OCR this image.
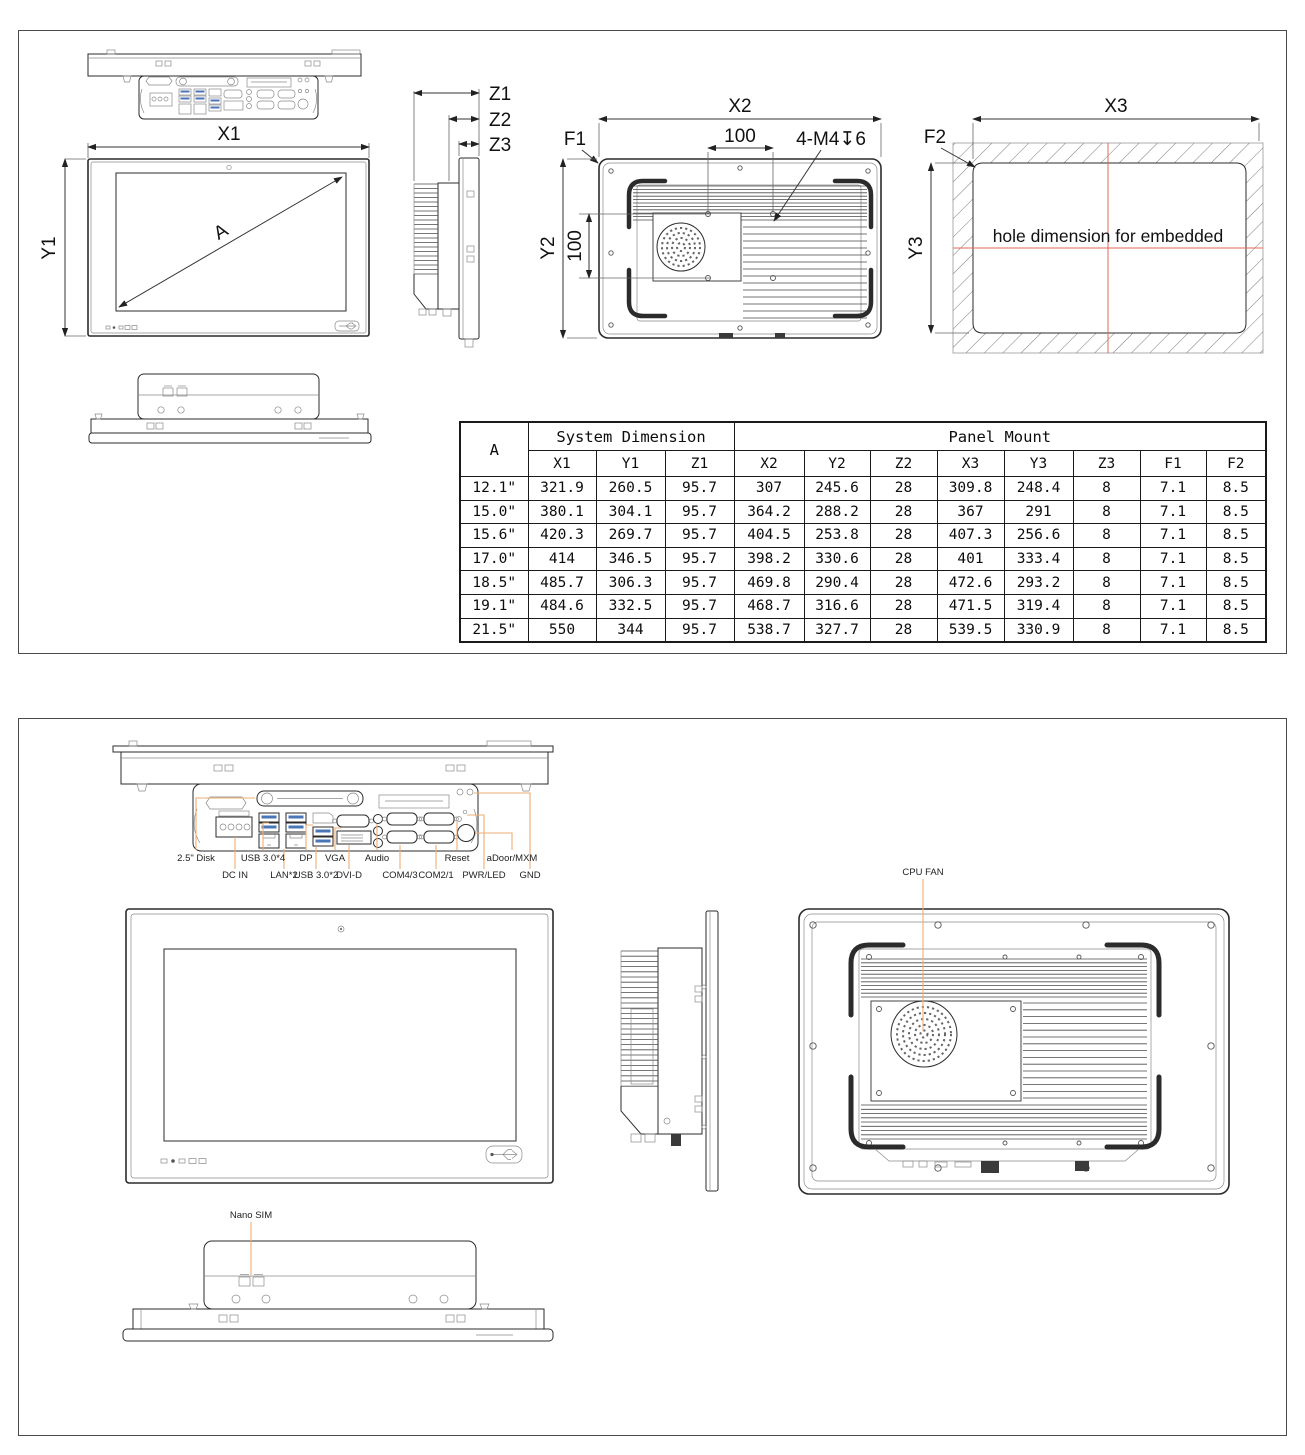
A
X1
Y1
Z1
Z2
Z3
X2
100 4-M4↧6
F1
Y2 100	hole dimension for embedded
X3
Y3
F2
A	System Dimension			Panel Mount							
	X1	Y1	Z1	X2	Y2	Z2	X3	Y3	Z3	F1	F2
12.1"	321.9	260.5	95.7	307	245.6	28	309.8	248.4	8	7.1	8.5
15.0"	380.1	304.1	95.7	364.2	288.2	28	367	291	8	7.1	8.5
15.6"	420.3	269.7	95.7	404.5	253.8	28	407.3	256.6	8	7.1	8.5
17.0"	414	346.5	95.7	398.2	330.6	28	401	333.4	8	7.1	8.5
18.5"	485.7	306.3	95.7	469.8	290.4	28	472.6	293.2	8	7.1	8.5
19.1"	484.6	332.5	95.7	468.7	316.6	28	471.5	319.4	8	7.1	8.5
21.5"	550	344	95.7	538.7	327.7	28	539.5	330.9	8	7.1	8.5
2.5" Disk	USB 3.0*4 DP VGA Audio	Reset aDoor/MXM
DC IN LAN*2
USB 3.0*2
DVI-D COM4/3 COM2/1 PWR/LED GND	CPU FAN
Nano SIM
